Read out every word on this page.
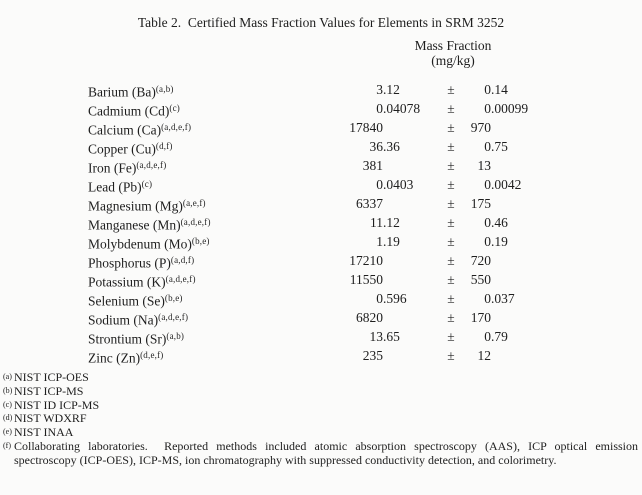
Table 2.  Certified Mass Fraction Values for Elements in SRM 3252
Mass Fraction
(mg/kg)
Barium $(Ba)^{(a,b)}$	3 .12	±	0 .14
Cadmium $(Cd)^{(c)}$	0 .04078 ±	0 .00099
Calcium $(Ca)^{(a,d,e,f)}$	17840	±	970
Copper $(Cu)^{(d,f)}$	36 .36	±	0 .75
Iron $(Fe)^{(a,d,e,f)}$	381	±	13
Lead $(Pb)^{(c)}$	0 .0403	±	0 .0042
Magnesium $(Mg)^{(a,e,f)}$	6337	±	175
Manganese $(Mn)^{(a,d,e,f)}$	11 .12	±	0 .46
Molybdenum $(Mo)^{(b,e)}$	1 .19	±	0 .19
Phosphorus $(P)^{(a,d,f)}$	17210	±	720
Potassium $(K)^{(a,d,e,f)}$	11550	±	550
Selenium $(Se)^{(b,e)}$	0 .596	±	0 .037
Sodium $(Na)^{(a,d,e,f)}$	6820	±	170
Strontium $(Sr)^{(a,b)}$	13 .65	±	0 .79
Zinc $(Zn)^{(d,e,f)}$	235	±	12
(a) NIST ICP-OES
(b) NIST ICP-MS
(c) NIST ID ICP-MS
(d) NIST WDXRF
(e) NIST INAA
(f) Collaborating laboratories.  Reported methods included atomic absorption spectroscopy (AAS), ICP optical emission
spectroscopy (ICP-OES), ICP-MS, ion chromatography with suppressed conductivity detection, and colorimetry.
